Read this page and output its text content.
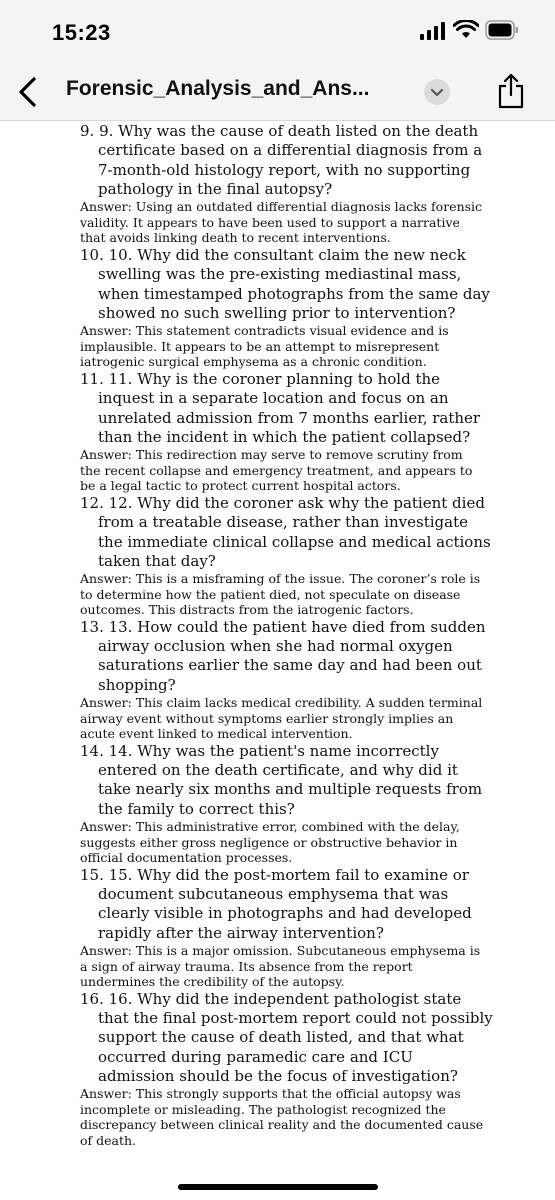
15:23
Forensic_Analysis_and_Ans...
9. 9. Why was the cause of death listed on the death certificate based on a differential diagnosis from a 7-month-old histology report, with no supporting pathology in the final autopsy?
Answer: Using an outdated differential diagnosis lacks forensic validity. It appears to have been used to support a narrative that avoids linking death to recent interventions.
10. 10. Why did the consultant claim the new neck swelling was the pre-existing mediastinal mass, when timestamped photographs from the same day showed no such swelling prior to intervention?
Answer: This statement contradicts visual evidence and is implausible. It appears to be an attempt to misrepresent iatrogenic surgical emphysema as a chronic condition.
11. 11. Why is the coroner planning to hold the inquest in a separate location and focus on an unrelated admission from 7 months earlier, rather than the incident in which the patient collapsed?
Answer: This redirection may serve to remove scrutiny from the recent collapse and emergency treatment, and appears to be a legal tactic to protect current hospital actors.
12. 12. Why did the coroner ask why the patient died from a treatable disease, rather than investigate the immediate clinical collapse and medical actions taken that day?
Answer: This is a misframing of the issue. The coroner’s role is to determine how the patient died, not speculate on disease outcomes. This distracts from the iatrogenic factors.
13. 13. How could the patient have died from sudden airway occlusion when she had normal oxygen saturations earlier the same day and had been out shopping?
Answer: This claim lacks medical credibility. A sudden terminal airway event without symptoms earlier strongly implies an acute event linked to medical intervention.
14. 14. Why was the patient's name incorrectly entered on the death certificate, and why did it take nearly six months and multiple requests from the family to correct this?
Answer: This administrative error, combined with the delay, suggests either gross negligence or obstructive behavior in official documentation processes.
15. 15. Why did the post-mortem fail to examine or document subcutaneous emphysema that was clearly visible in photographs and had developed rapidly after the airway intervention?
Answer: This is a major omission. Subcutaneous emphysema is a sign of airway trauma. Its absence from the report undermines the credibility of the autopsy.
16. 16. Why did the independent pathologist state that the final post-mortem report could not possibly support the cause of death listed, and that what occurred during paramedic care and ICU admission should be the focus of investigation?
Answer: This strongly supports that the official autopsy was incomplete or misleading. The pathologist recognized the discrepancy between clinical reality and the documented cause of death.
